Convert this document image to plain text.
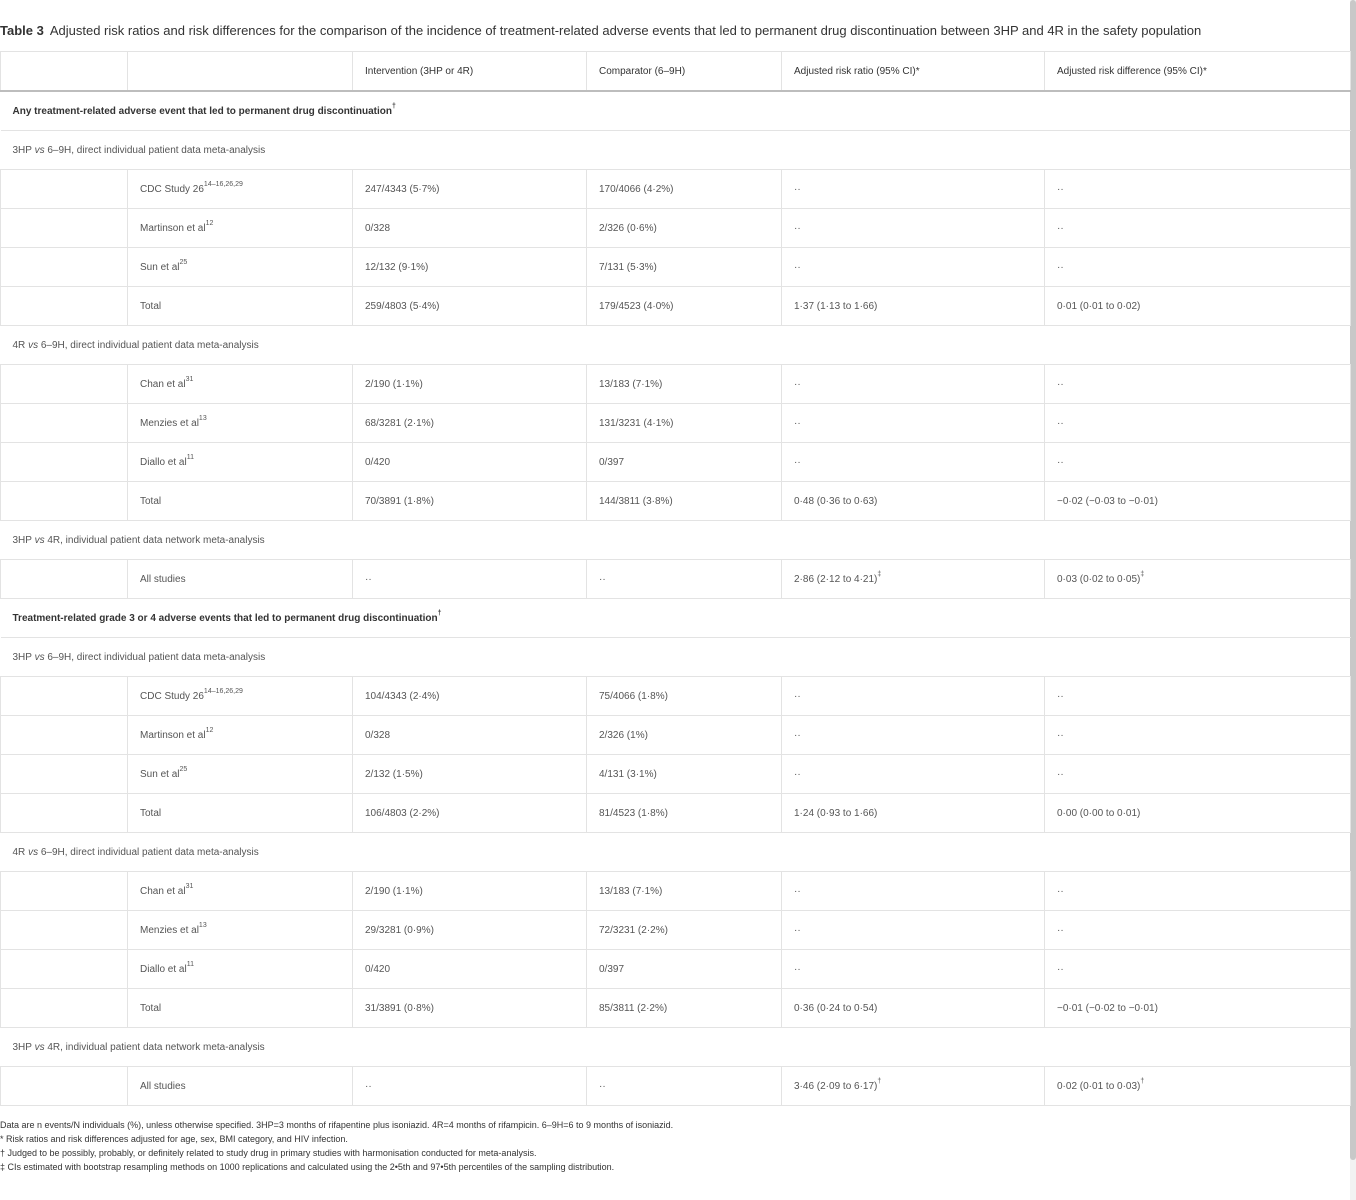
Table 3 Adjusted risk ratios and risk differences for the comparison of the incidence of treatment-related adverse events that led to permanent drug discontinuation between 3HP and 4R in the safety population
		Intervention (3HP or 4R)	Comparator (6–9H)	Adjusted risk ratio (95% CI)*	Adjusted risk difference (95% CI)*
Any treatment-related adverse event that led to permanent drug discontinuation†
3HP vs 6–9H, direct individual patient data meta-analysis					
	CDC Study 26$^{14-16,26,29}$	247/4343 (5·7%)	170/4066 (4·2%)	··	··
	Martinson et $al^{12}$	0/328	2/326 (0·6%)	··	··
	Sun et $al^{25}$	12/132 (9·1%)	7/131 (5·3%)	··	··
	Total	259/4803 (5·4%)	179/4523 (4·0%)	1·37 (1·13 to 1·66)	0·01 (0·01 to 0·02)
4R vs 6–9H, direct individual patient data meta-analysis					
	Chan et $al^{31}$	2/190 (1·1%)	13/183 (7·1%)	··	··
	Menzies et $al^{13}$	68/3281 (2·1%)	131/3231 (4·1%)	··	··
	Diallo et $al^{11}$	0/420	0/397	··	··
	Total	70/3891 (1·8%)	144/3811 (3·8%)	0·48 (0·36 to 0·63)	−0·02 (−0·03 to −0·01)
3HP vs 4R, individual patient data network meta-analysis					
	All studies	··	··	2·86 (2·12 to 4·21)‡	0·03 (0·02 to 0·05)‡
Treatment-related grade 3 or 4 adverse events that led to permanent drug discontinuation†
3HP vs 6–9H, direct individual patient data meta-analysis					
	CDC Study 26$^{14-16,26,29}$	104/4343 (2·4%)	75/4066 (1·8%)	··	··
	Martinson et $al^{12}$	0/328	2/326 (1%)	··	··
	Sun et $al^{25}$	2/132 (1·5%)	4/131 (3·1%)	··	··
	Total	106/4803 (2·2%)	81/4523 (1·8%)	1·24 (0·93 to 1·66)	0·00 (0·00 to 0·01)
4R vs 6–9H, direct individual patient data meta-analysis					
	Chan et $al^{31}$	2/190 (1·1%)	13/183 (7·1%)	··	··
	Menzies et $al^{13}$	29/3281 (0·9%)	72/3231 (2·2%)	··	··
	Diallo et $al^{11}$	0/420	0/397	··	··
	Total	31/3891 (0·8%)	85/3811 (2·2%)	0·36 (0·24 to 0·54)	−0·01 (−0·02 to −0·01)
3HP vs 4R, individual patient data network meta-analysis					
	All studies	··	··	3·46 (2·09 to 6·17)†	0·02 (0·01 to 0·03)†
Data are n events/N individuals (%), unless otherwise specified. 3HP=3 months of rifapentine plus isoniazid. 4R=4 months of rifampicin. 6–9H=6 to 9 months of isoniazid.
* Risk ratios and risk differences adjusted for age, sex, BMI category, and HIV infection.
† Judged to be possibly, probably, or definitely related to study drug in primary studies with harmonisation conducted for meta-analysis.
‡ CIs estimated with bootstrap resampling methods on 1000 replications and calculated using the 2•5th and 97•5th percentiles of the sampling distribution.
